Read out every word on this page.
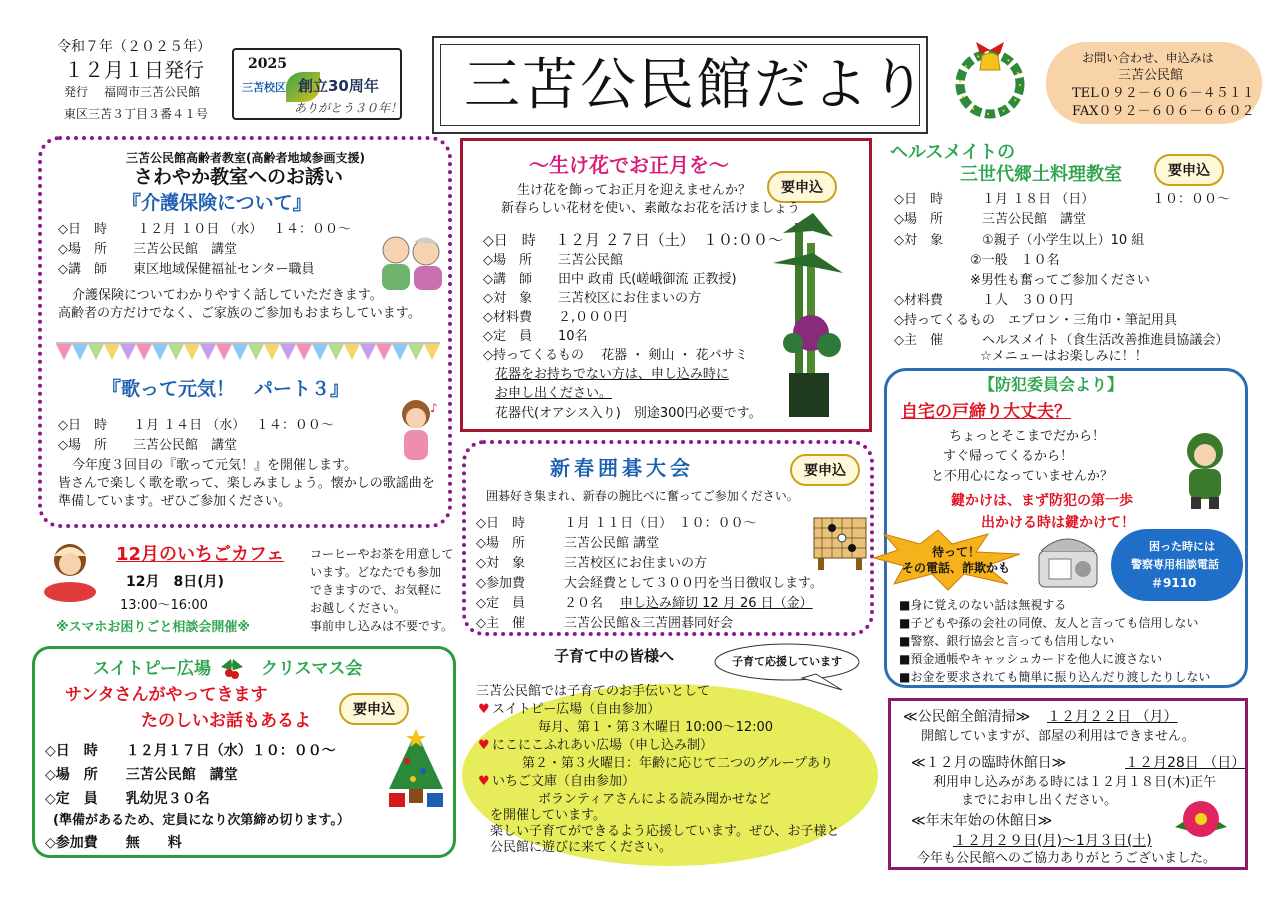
令和７年（２０２５年）
１２月１日発行
発行 福岡市三苫公民館
東区三苫３丁目３番４１号
2025
三苫校区 創立30周年
ありがとう３０年！ 三苫公民館だより	お問い合わせ、申込みは
三苫公民館
TEL０９２－６０６－４５１１
FAX０９２－６０６－６６０２
三苫公民館高齢者教室(高齢者地域参画支援)
さわやか教室へのお誘い
『介護保険について』
◇日　時　　 １２月 １０日 （水）　 １４：００～
◇場　所　　三苫公民館　講堂
◇講　師　　東区地域保健福祉センター職員
介護保険についてわかりやすく話していただきます。
高齢者の方だけでなく、ご家族のご参加もおまちしています。
『歌って元気！　パート３』
◇日　時　　１月 １４日 （水）　 １４：００～
◇場　所　　三苫公民館　講堂
今年度３回目の『歌って元気！』を開催します。
皆さんで楽しく歌を歌って、楽しみましょう。懐かしの歌謡曲を
準備しています。ぜひご参加ください。
♪
～生け花でお正月を～
要申込
生け花を飾ってお正月を迎えませんか？
新春らしい花材を使い、素敵なお花を活けましょう
◇日　時 １２月 ２７日（土） １０:００～
◇場　所　　三苫公民館
◇講　師　　田中 政甫 氏(嵯峨御流 正教授)
◇対　象　　三苫校区にお住まいの方
◇材料費　　２,０００円
◇定　員　　10名
◇持ってくるもの　 花器 ・ 剣山 ・ 花バサミ
花器をお持ちでない方は、申し込み時に
お申し出ください。
花器代(オアシス入り)　別途300円必要です。
新春囲碁大会	要申込
囲碁好き集まれ、新春の腕比べに奮ってご参加ください。
◇日　時　　　１月 １１日（日）　１０：００～
◇場　所　　　三苫公民館 講堂
◇対　象　　　三苫校区にお住まいの方
◇参加費　　　大会経費として３００円を当日徴収します。
◇定　員　　　２０名 申し込み締切 12 月 26 日（金）
◇主　催　　　三苫公民館＆三苫囲碁同好会
ヘルスメイトの
三世代郷土料理教室	要申込
◇日　時　　　１月 １８日 （日）	１０：００～
◇場　所　　　三苫公民館　講堂
◇対　象　　　①親子（小学生以上）10 組
②一般　１０名
※男性も奮ってご参加ください
◇材料費　　　１人　３００円
◇持ってくるもの　エプロン・三角巾・筆記用具
◇主　催　　　ヘルスメイト（食生活改善推進員協議会）
☆メニューはお楽しみに！！
【防犯委員会より】
自宅の戸締り大丈夫？
ちょっとそこまでだから！
すぐ帰ってくるから！
と不用心になっていませんか？
鍵かけは、まず防犯の第一歩
出かける時は鍵かけて！
困った時には
警察専用相談電話
＃9110
■身に覚えのない話は無視する
■子どもや孫の会社の同僚、友人と言っても信用しない
■警察、銀行協会と言っても信用しない
■預金通帳やキャッシュカードを他人に渡さない
■お金を要求されても簡単に振り込んだり渡したりしない
待って！
その電話、詐欺かも
12月のいちごカフェ
12月　8日(月)
13:00～16:00
コーヒーやお茶を用意して
います。どなたでも参加
できますので、お気軽に
お越しください。
事前申し込みは不要です。
※スマホお困りごと相談会開催※
スイトピー広場	クリスマス会
サンタさんがやってきます
たのしいお話もあるよ
要申込
◇日　時　　１２月１７日（水）１０：００～
◇場　所　　三苫公民館　講堂
◇定　員　　乳幼児３０名
(準備があるため、定員になり次第締め切ります。）
◇参加費　　無　　料
子育て中の皆様へ	子育て応援しています
三苫公民館では子育てのお手伝いとして
♥ スイトピー広場（自由参加）
毎月、第１・第３木曜日 10:00～12:00
♥ にこにこふれあい広場（申し込み制）
第２・第３火曜日：年齢に応じて二つのグループあり
♥ いちご文庫（自由参加）
ボランティアさんによる読み聞かせなど
を開催しています。
楽しい子育てができるよう応援しています。ぜひ、お子様と
公民館に遊びに来てください。
≪公民館全館清掃≫ １２月２２日 （月）
開館していますが、部屋の利用はできません。
≪１２月の臨時休館日≫	１２月28日 （日）
利用申し込みがある時には１２月１８日(木)正午
までにお申し出ください。
≪年末年始の休館日≫
１２月２９日(月)～1月３日(土)
今年も公民館へのご協力ありがとうございました。
